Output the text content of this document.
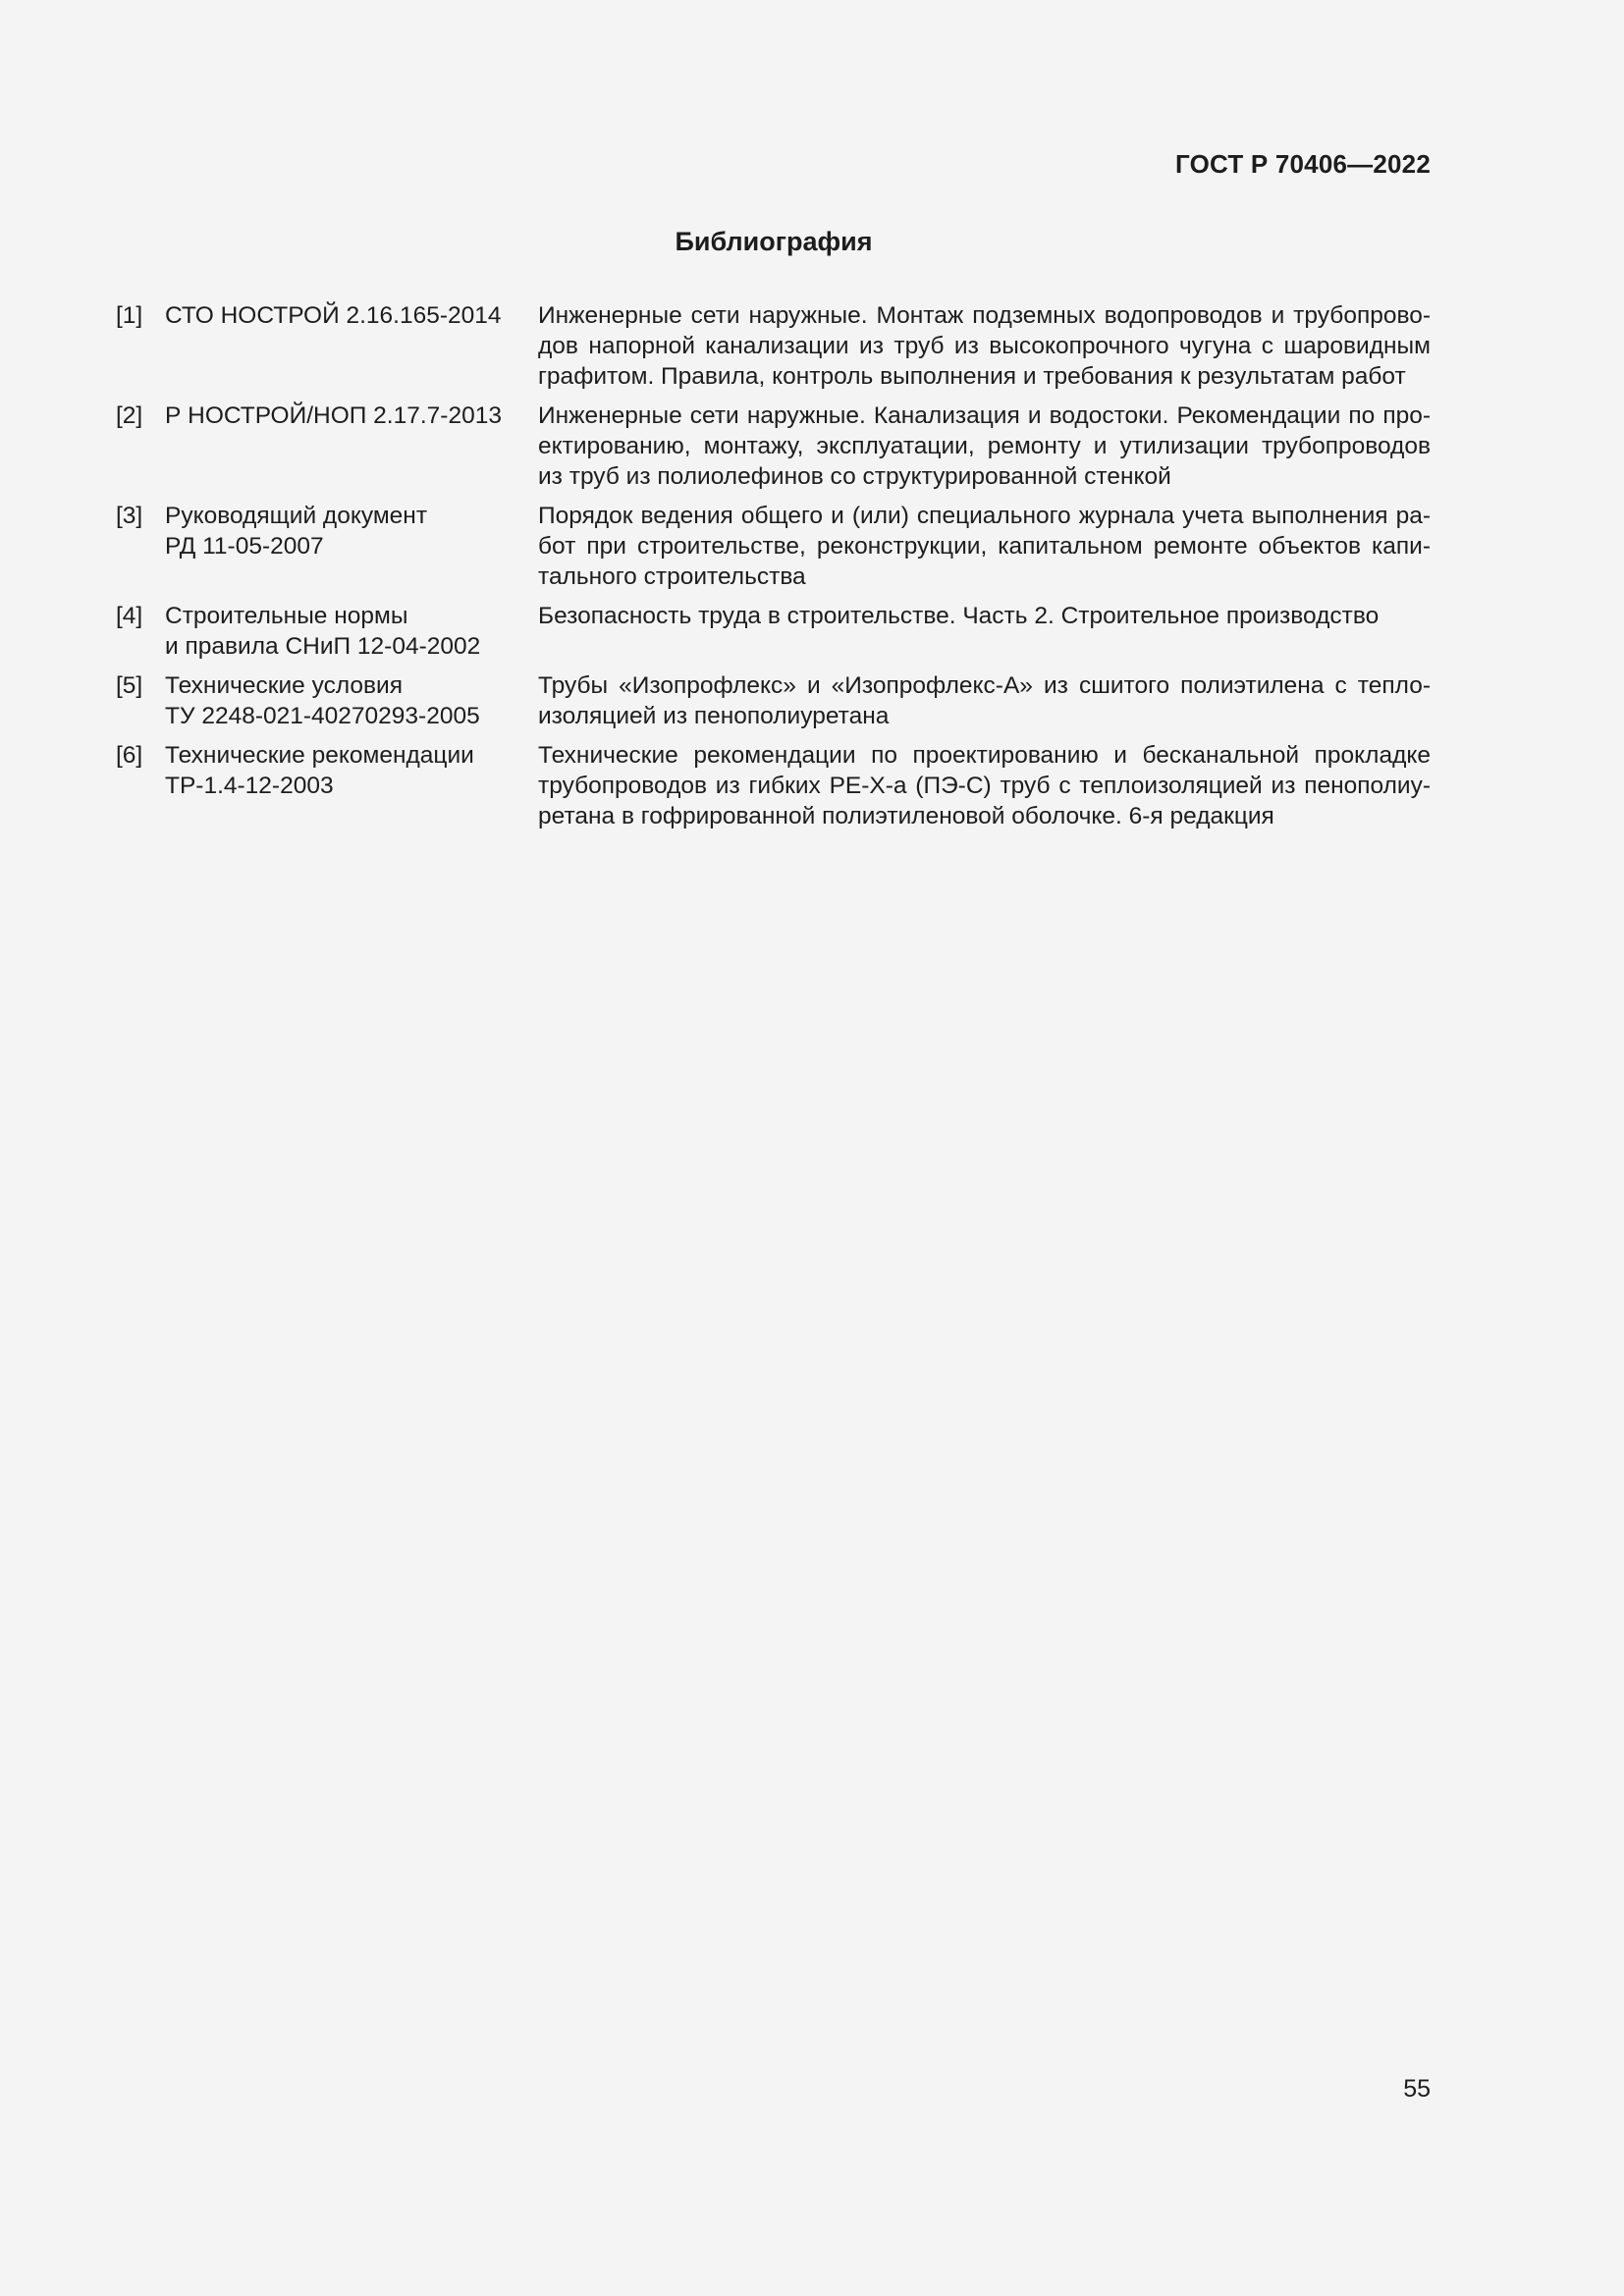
ГОСТ Р 70406—2022
Библиография
[1] СТО НОСТРОЙ 2.16.165-2014	Инженерные сети наружные. Монтаж подземных водопроводов и трубопрово-
дов напорной канализации из труб из высокопрочного чугуна с шаровидным
графитом. Правила, контроль выполнения и требования к результатам работ
[2] Р НОСТРОЙ/НОП 2.17.7-2013	Инженерные сети наружные. Канализация и водостоки. Рекомендации по про-
ектированию, монтажу, эксплуатации, ремонту и утилизации трубопроводов
из труб из полиолефинов со структурированной стенкой
[3] Руководящий документ
РД 11-05-2007
Порядок ведения общего и (или) специального журнала учета выполнения ра-
бот при строительстве, реконструкции, капитальном ремонте объектов капи-
тального строительства
[4] Строительные нормы
и правила СНиП 12-04-2002
Безопасность труда в строительстве. Часть 2. Строительное производство
[5] Технические условия
ТУ 2248-021-40270293-2005
Трубы «Изопрофлекс» и «Изопрофлекс-А» из сшитого полиэтилена с тепло-
изоляцией из пенополиуретана
[6] Технические рекомендации
ТР-1.4-12-2003
Технические рекомендации по проектированию и бесканальной прокладке
трубопроводов из гибких PE-X-a (ПЭ-С) труб с теплоизоляцией из пенополиу-
ретана в гофрированной полиэтиленовой оболочке. 6-я редакция
55
